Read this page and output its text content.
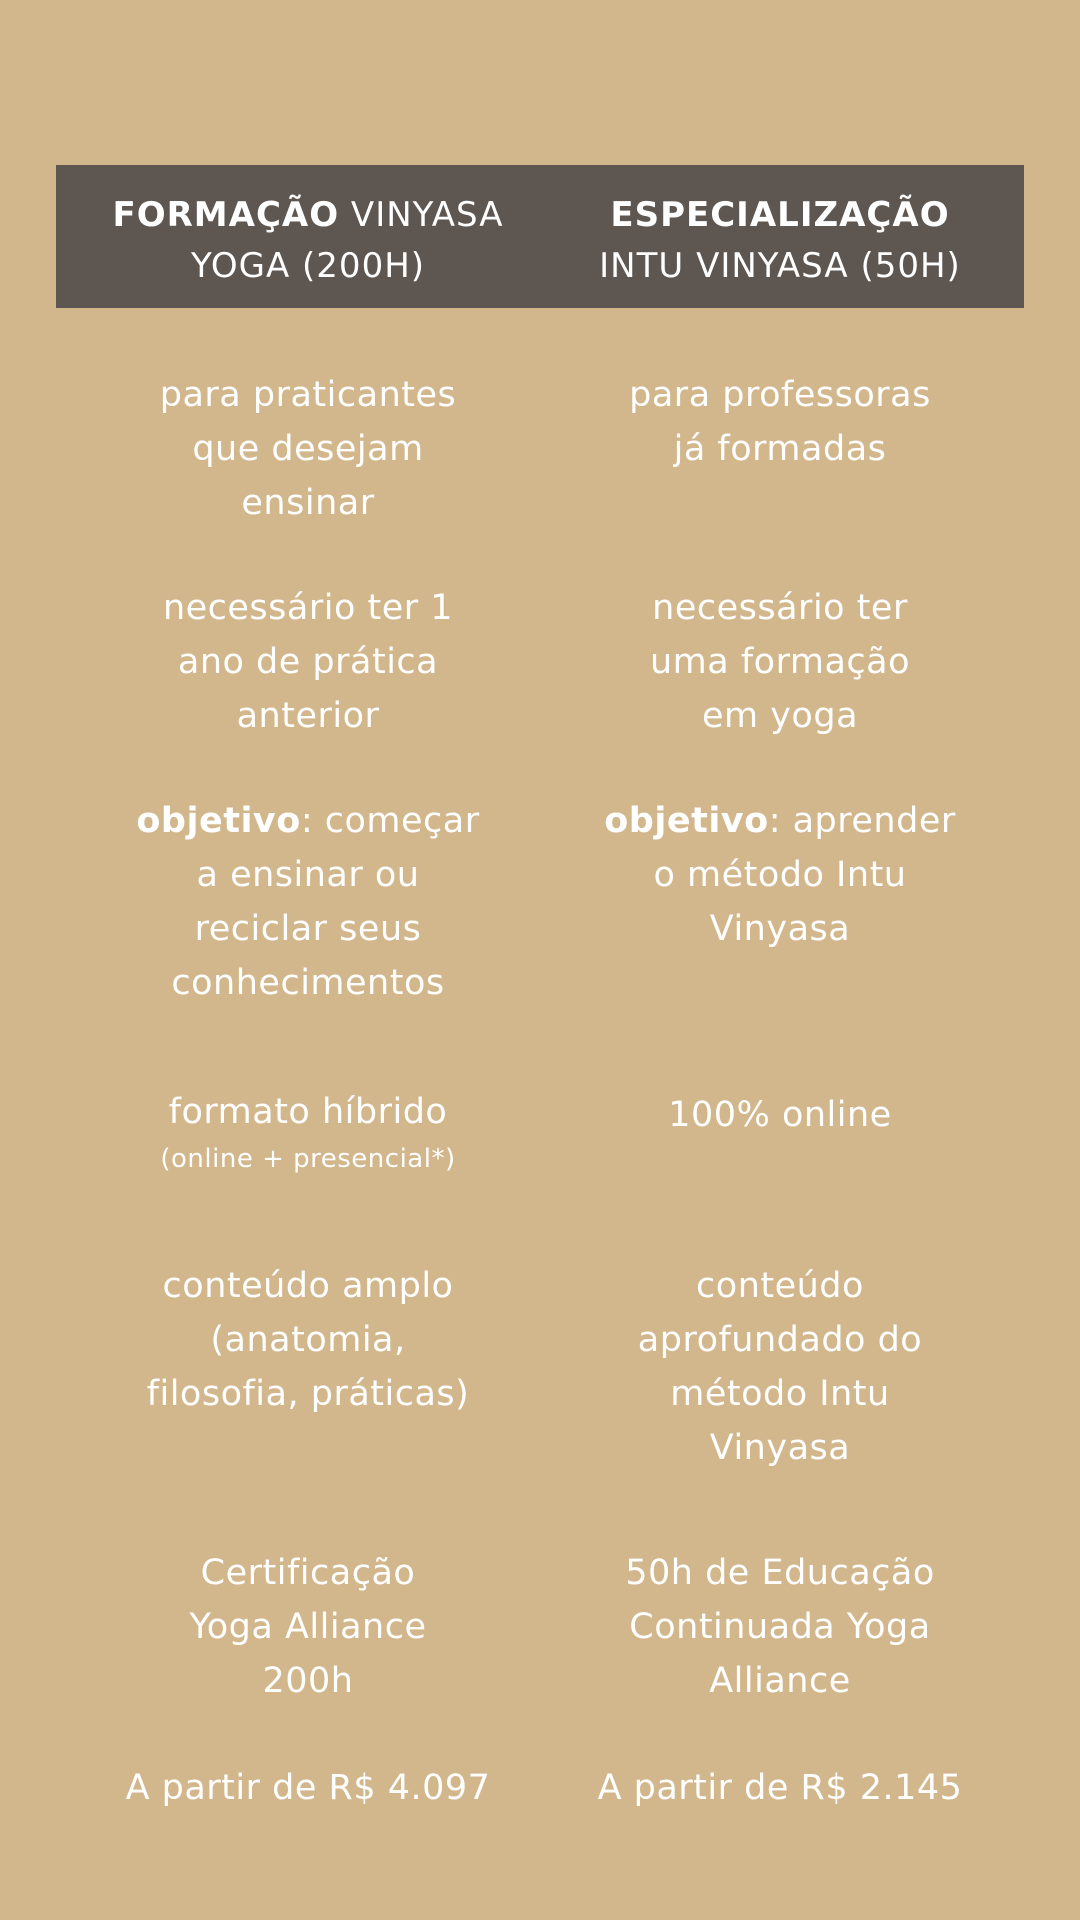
FORMAÇÃO VINYASA
YOGA (200H)
ESPECIALIZAÇÃO
INTU VINYASA (50H)
para praticantes
que desejam
ensinar
para professoras
já formadas
necessário ter 1
ano de prática
anterior
necessário ter
uma formação
em yoga
objetivo: começar
a ensinar ou
reciclar seus
conhecimentos
objetivo: aprender
o método Intu
Vinyasa
formato híbrido
(online + presencial*)
100% online
conteúdo amplo
(anatomia,
filosofia, práticas)
conteúdo
aprofundado do
método Intu
Vinyasa
Certificação
Yoga Alliance
200h
50h de Educação
Continuada Yoga
Alliance
A partir de R$ 4.097	A partir de R$ 2.145
